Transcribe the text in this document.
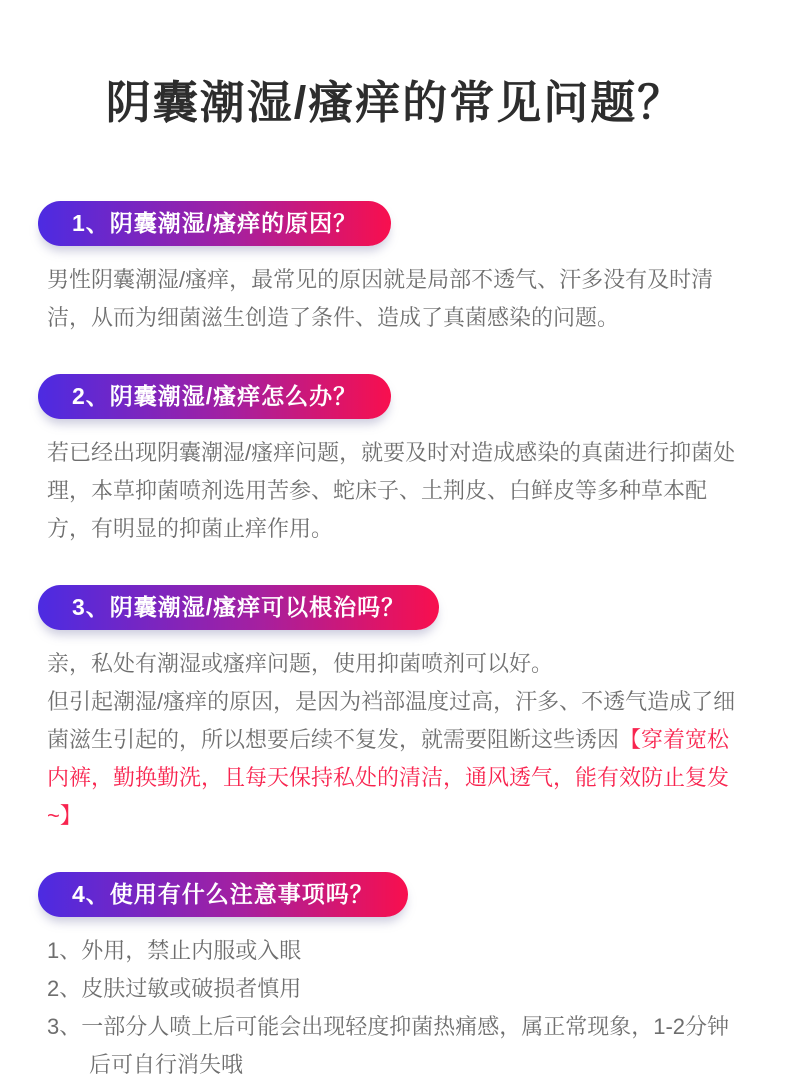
阴囊潮湿/瘙痒的常见问题？
1、阴囊潮湿/瘙痒的原因？

男性阴囊潮湿/瘙痒，最常见的原因就是局部不透气、汗多没有及时清洁，从而为细菌滋生创造了条件、造成了真菌感染的问题。

2、阴囊潮湿/瘙痒怎么办？

若已经出现阴囊潮湿/瘙痒问题，就要及时对造成感染的真菌进行抑菌处理，本草抑菌喷剂选用苦参、蛇床子、土荆皮、白鲜皮等多种草本配方，有明显的抑菌止痒作用。

3、阴囊潮湿/瘙痒可以根治吗？

亲，私处有潮湿或瘙痒问题，使用抑菌喷剂可以好。

但引起潮湿/瘙痒的原因，是因为裆部温度过高，汗多、不透气造成了细菌滋生引起的，所以想要后续不复发，就需要阻断这些诱因【穿着宽松内裤，勤换勤洗，且每天保持私处的清洁，通风透气，能有效防止复发~】

4、使用有什么注意事项吗？
1、外用，禁止内服或入眼
2、皮肤过敏或破损者慎用
3、一部分人喷上后可能会出现轻度抑菌热痛感，属正常现象，1-2分钟后可自行消失哦
